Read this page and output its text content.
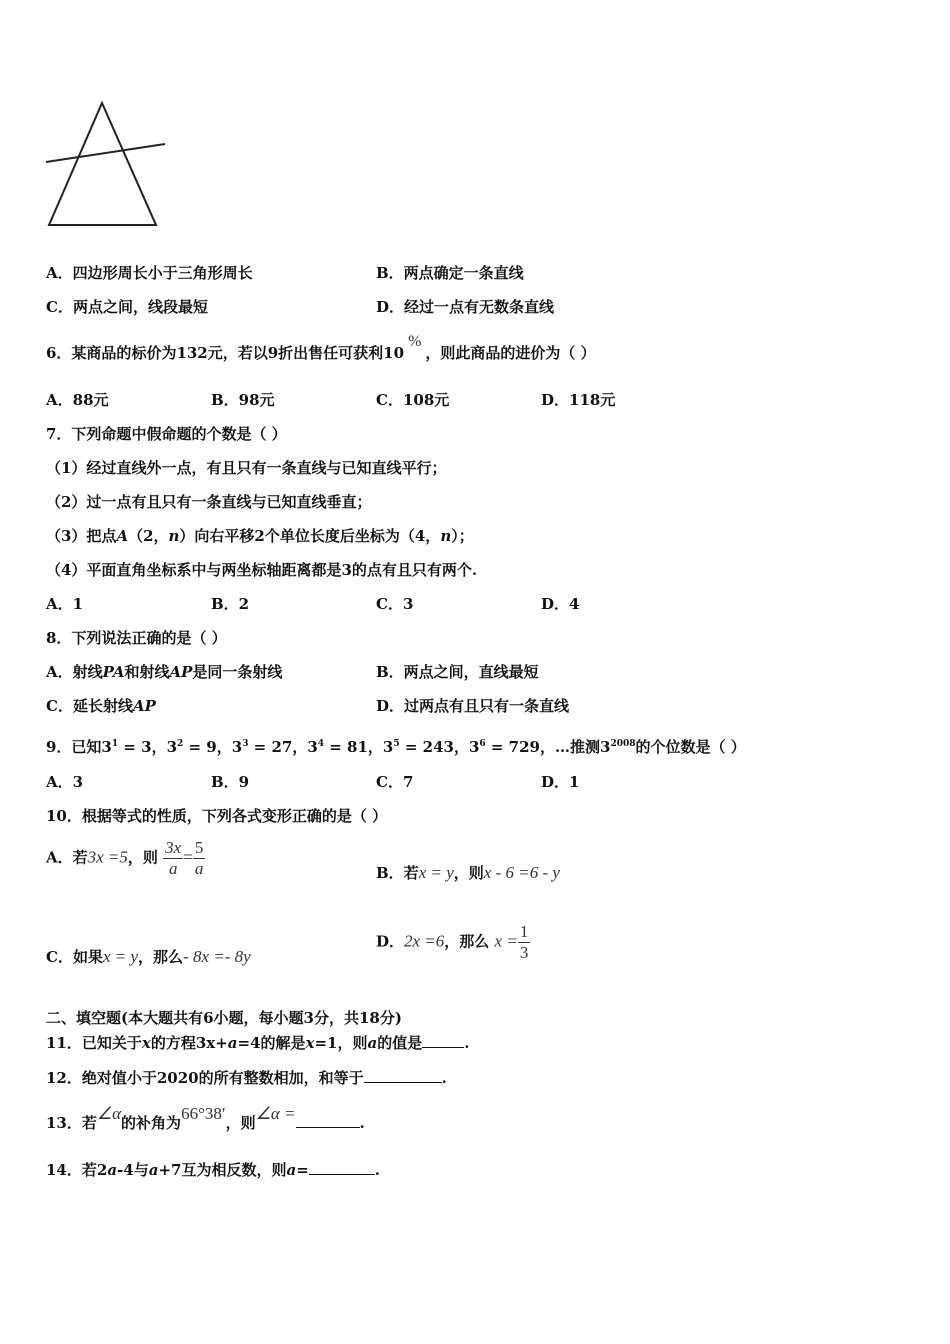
A．四边形周长小于三角形周长	B．两点确定一条直线
C．两点之间，线段最短	D．经过一点有无数条直线
6．某商品的标价为132元，若以9折出售任可获利10%，则此商品的进价为（ ）
A．88元	B．98元	C．108元	D．118元
7．下列命题中假命题的个数是（ ）
（1）经过直线外一点，有且只有一条直线与已知直线平行；
（2）过一点有且只有一条直线与已知直线垂直；
（3）把点A（2，n）向右平移2个单位长度后坐标为（4，n）；
（4）平面直角坐标系中与两坐标轴距离都是3的点有且只有两个.
A．1	B．2	C．3	D．4
8．下列说法正确的是（ ）
A．射线PA和射线AP是同一条射线	B．两点之间，直线最短
C．延长射线AP	D．过两点有且只有一条直线
9．已知$3^1 = 3$，$3^2 = 9$，$3^3 = 27$，$3^4 = 81$，$3^5 = 243$，$3^6 = 729$，…推测$3^{2008}$的个位数是（ ）
A．3	B．9	C．7	D．1
10．根据等式的性质，下列各式变形正确的是（ ）
A．若3x =5，则 $\frac{3x}{a} = \frac{5}{a}$	B．若x = y，则x - 6 =6 - y
C．如果x = y，那么- 8x =- 8y
D．2x =6，那么 $x = \frac{1}{3}$
二、填空题(本大题共有6小题，每小题3分，共18分)
11．已知关于x的方程3x+a=4的解是x=1，则a的值是	.
12．绝对值小于2020的所有整数相加，和等于	.
13．若∠α的补角为66°38′，则∠α =	.
14．若2a-4与a+7互为相反数，则a=	.
